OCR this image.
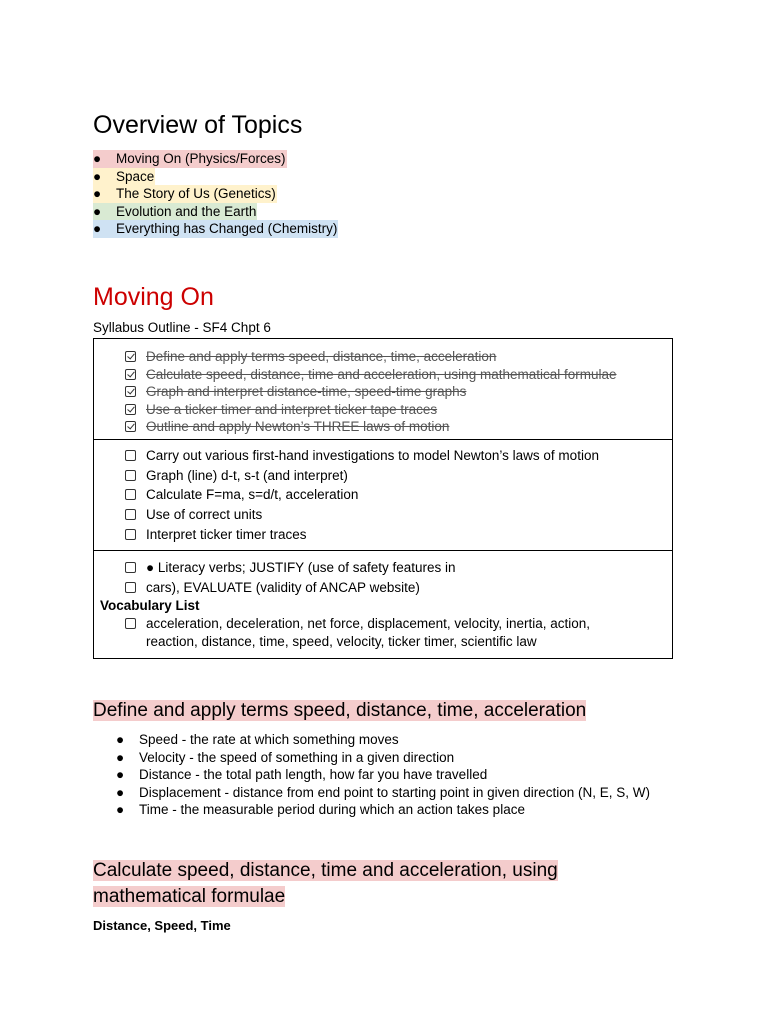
Overview of Topics
●	Moving On (Physics/Forces)
●	Space
●	The Story of Us (Genetics)
●	Evolution and the Earth
●	Everything has Changed (Chemistry)
Moving On
Syllabus Outline - SF4 Chpt 6
Define and apply terms speed, distance, time, acceleration
Calculate speed, distance, time and acceleration, using mathematical formulae
Graph and interpret distance-time, speed-time graphs
Use a ticker timer and interpret ticker tape traces
Outline and apply Newton’s THREE laws of motion

Carry out various first-hand investigations to model Newton’s laws of motion
Graph (line) d-t, s-t (and interpret)
Calculate F=ma, s=d/t, acceleration
Use of correct units
Interpret ticker timer traces

● Literacy verbs; JUSTIFY (use of safety features in
cars), EVALUATE (validity of ANCAP website)
Vocabulary List
acceleration, deceleration, net force, displacement, velocity, inertia, action, reaction, distance, time, speed, velocity, ticker timer, scientific law
Define and apply terms speed, distance, time, acceleration
● Speed - the rate at which something moves
● Velocity - the speed of something in a given direction
● Distance - the total path length, how far you have travelled
● Displacement - distance from end point to starting point in given direction (N, E, S, W)
● Time - the measurable period during which an action takes place
Calculate speed, distance, time and acceleration, using
mathematical formulae
Distance, Speed, Time
